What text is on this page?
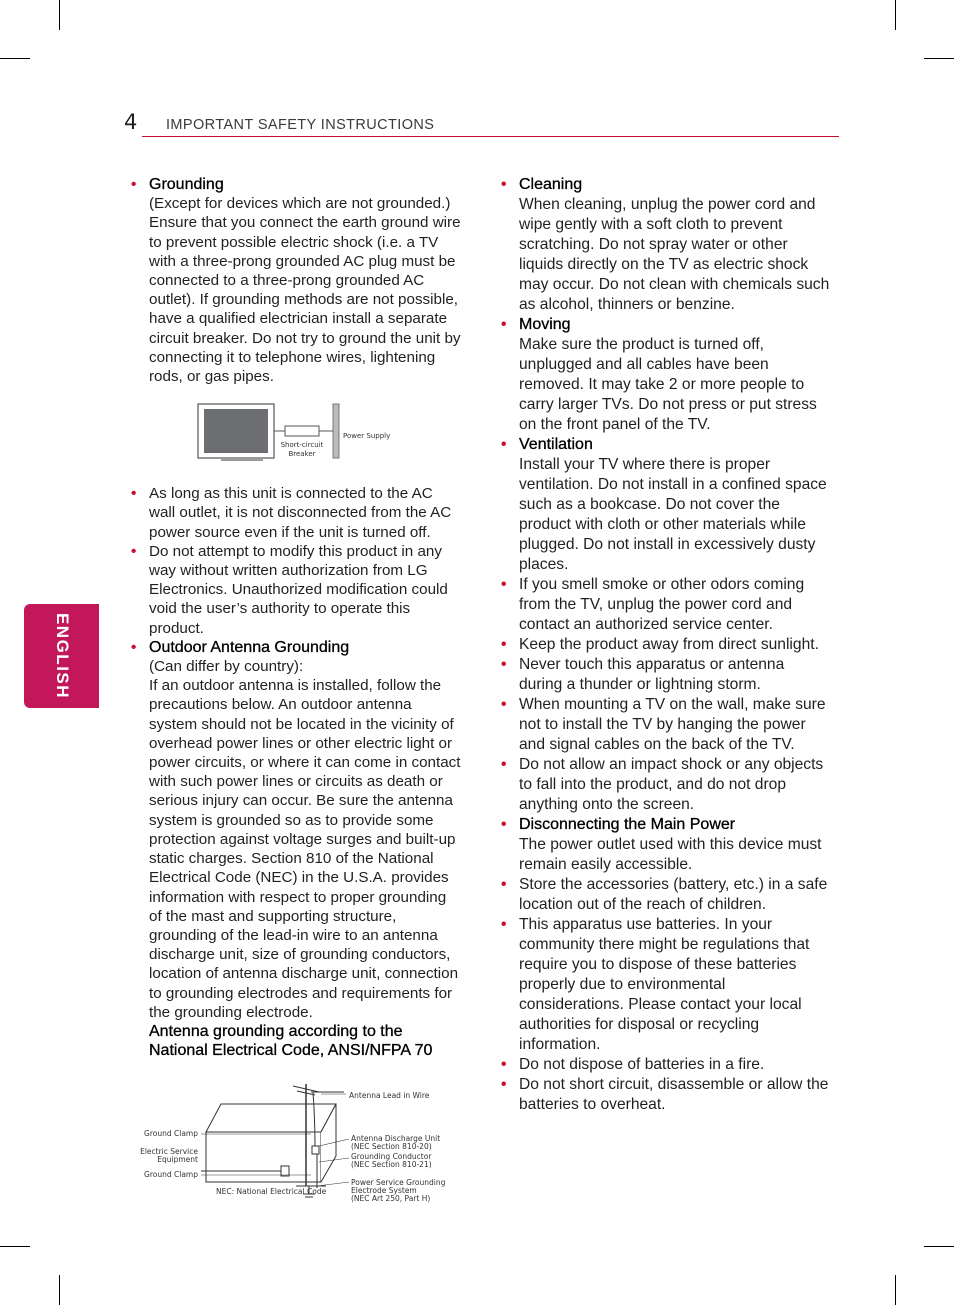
4 IMPORTANT SAFETY INSTRUCTIONS
ENGLISH
• Grounding
(Except for devices which are not grounded.)
Ensure that you connect the earth ground wire to prevent possible electric shock (i.e. a TV with a three-prong grounded AC plug must be connected to a three-prong grounded AC outlet). If grounding methods are not possible, have a qualified electrician install a separate circuit breaker. Do not try to ground the unit by connecting it to telephone wires, lightening rods, or gas pipes.
Short-circuit
Breaker
Power Supply
• As long as this unit is connected to the AC wall outlet, it is not disconnected from the AC power source even if the unit is turned off.
• Do not attempt to modify this product in any way without written authorization from LG Electronics. Unauthorized modification could void the user’s authority to operate this product.
• Outdoor Antenna Grounding
(Can differ by country):
If an outdoor antenna is installed, follow the precautions below. An outdoor antenna system should not be located in the vicinity of overhead power lines or other electric light or power circuits, or where it can come in contact with such power lines or circuits as death or serious injury can occur. Be sure the antenna system is grounded so as to provide some protection against voltage surges and built-up static charges. Section 810 of the National Electrical Code (NEC) in the U.S.A. provides information with respect to proper grounding of the mast and supporting structure, grounding of the lead-in wire to an antenna discharge unit, size of grounding conductors, location of antenna discharge unit, connection to grounding electrodes and requirements for the grounding electrode.
Antenna grounding according to the National Electrical Code, ANSI/NFPA 70
Antenna Lead in Wire
Ground Clamp
Electric Service
Equipment
Ground Clamp
NEC: National Electrical Code
Antenna Discharge Unit
(NEC Section 810-20)
Grounding Conductor
(NEC Section 810-21)
Power Service Grounding
Electrode System
(NEC Art 250, Part H)
• Cleaning
When cleaning, unplug the power cord and wipe gently with a soft cloth to prevent scratching. Do not spray water or other liquids directly on the TV as electric shock may occur. Do not clean with chemicals such as alcohol, thinners or benzine.
• Moving
Make sure the product is turned off, unplugged and all cables have been removed. It may take 2 or more people to carry larger TVs. Do not press or put stress on the front panel of the TV.
• Ventilation
Install your TV where there is proper ventilation. Do not install in a confined space such as a bookcase. Do not cover the product with cloth or other materials while plugged. Do not install in excessively dusty places.
• If you smell smoke or other odors coming from the TV, unplug the power cord and contact an authorized service center.
• Keep the product away from direct sunlight.
• Never touch this apparatus or antenna during a thunder or lightning storm.
• When mounting a TV on the wall, make sure not to install the TV by hanging the power and signal cables on the back of the TV.
• Do not allow an impact shock or any objects to fall into the product, and do not drop anything onto the screen.
• Disconnecting the Main Power
The power outlet used with this device must remain easily accessible.
• Store the accessories (battery, etc.) in a safe location out of the reach of children.
• This apparatus use batteries. In your community there might be regulations that require you to dispose of these batteries properly due to environmental considerations. Please contact your local authorities for disposal or recycling information.
• Do not dispose of batteries in a fire.
• Do not short circuit, disassemble or allow the batteries to overheat.
